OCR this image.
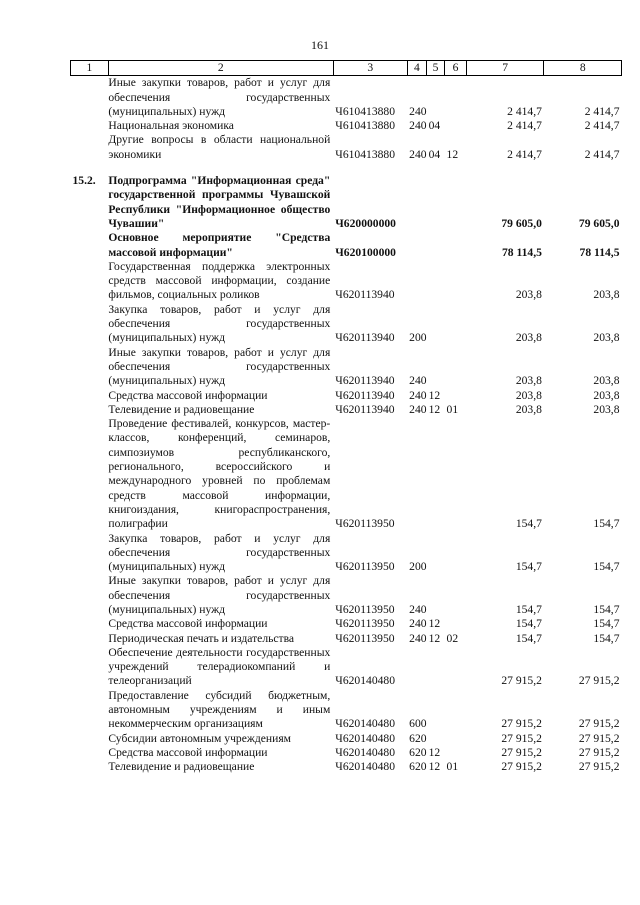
161
1	2	3	4	5	6	7	8
	Иные закупки товаров, работ и услуг для обеспечения государственных (муниципальных) нужд	Ч610413880	240			2 414,7	2 414,7
	Национальная экономика	Ч610413880	240	04		2 414,7	2 414,7
	Другие вопросы в области национальной экономики	Ч610413880	240	04	12	2 414,7	2 414,7

15.2.	Подпрограмма "Информационная среда" государственной программы Чувашской Республики "Информационное общество Чувашии"	Ч620000000				79 605,0	79 605,0
	Основное мероприятие "Средства массовой информации"	Ч620100000				78 114,5	78 114,5
	Государственная поддержка электронных средств массовой информации, создание фильмов, социальных роликов	Ч620113940				203,8	203,8
	Закупка товаров, работ и услуг для обеспечения государственных (муниципальных) нужд	Ч620113940	200			203,8	203,8
	Иные закупки товаров, работ и услуг для обеспечения государственных (муниципальных) нужд	Ч620113940	240			203,8	203,8
	Средства массовой информации	Ч620113940	240	12		203,8	203,8
	Телевидение и радиовещание	Ч620113940	240	12	01	203,8	203,8
	Проведение фестивалей, конкурсов, мастер-классов, конференций, семинаров, симпозиумов республиканского, регионального, всероссийского и международного уровней по проблемам средств массовой информации, книгоиздания, книгораспространения, полиграфии	Ч620113950				154,7	154,7
	Закупка товаров, работ и услуг для обеспечения государственных (муниципальных) нужд	Ч620113950	200			154,7	154,7
	Иные закупки товаров, работ и услуг для обеспечения государственных (муниципальных) нужд	Ч620113950	240			154,7	154,7
	Средства массовой информации	Ч620113950	240	12		154,7	154,7
	Периодическая печать и издательства	Ч620113950	240	12	02	154,7	154,7
	Обеспечение деятельности государственных учреждений телерадиокомпаний и телеорганизаций	Ч620140480				27 915,2	27 915,2
	Предоставление субсидий бюджетным, автономным учреждениям и иным некоммерческим организациям	Ч620140480	600			27 915,2	27 915,2
	Субсидии автономным учреждениям	Ч620140480	620			27 915,2	27 915,2
	Средства массовой информации	Ч620140480	620	12		27 915,2	27 915,2
	Телевидение и радиовещание	Ч620140480	620	12	01	27 915,2	27 915,2
